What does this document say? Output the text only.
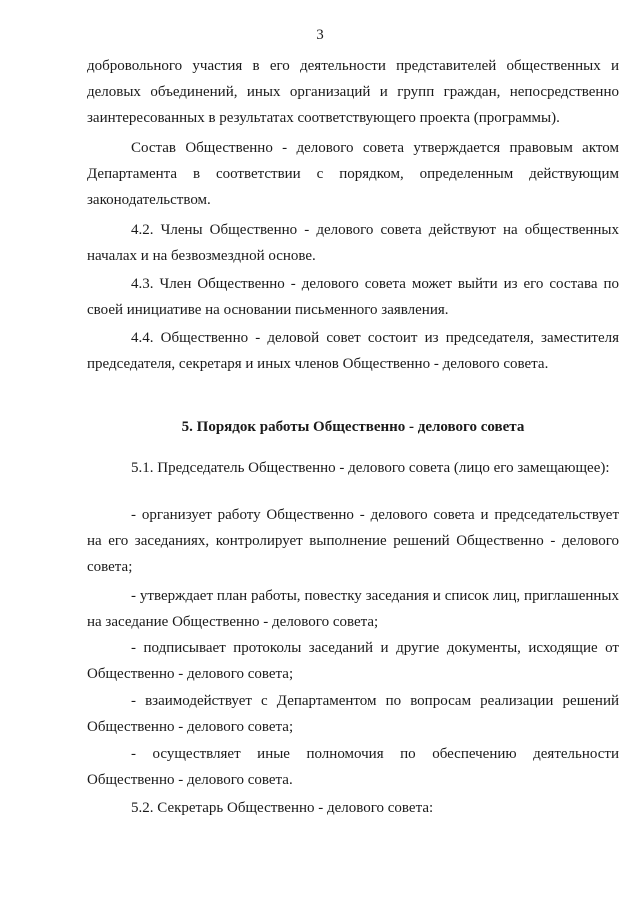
3

добровольного участия в его деятельности представителей общественных и деловых объединений, иных организаций и групп граждан, непосредственно заинтересованных в результатах соответствующего проекта (программы).

Состав Общественно - делового совета утверждается правовым актом Департамента в соответствии с порядком, определенным действующим законодательством.

4.2. Члены Общественно - делового совета действуют на общественных началах и на безвозмездной основе.

4.3. Член Общественно - делового совета может выйти из его состава по своей инициативе на основании письменного заявления.

4.4. Общественно - деловой совет состоит из председателя, заместителя председателя, секретаря и иных членов Общественно - делового совета.

5. Порядок работы Общественно - делового совета

5.1. Председатель Общественно - делового совета (лицо его замещающее):

- организует работу Общественно - делового совета и председательствует на его заседаниях, контролирует выполнение решений Общественно - делового совета;

- утверждает план работы, повестку заседания и список лиц, приглашенных на заседание Общественно - делового совета;

- подписывает протоколы заседаний и другие документы, исходящие от Общественно - делового совета;

- взаимодействует с Департаментом по вопросам реализации решений Общественно - делового совета;

- осуществляет иные полномочия по обеспечению деятельности Общественно - делового совета.

5.2. Секретарь Общественно - делового совета:
